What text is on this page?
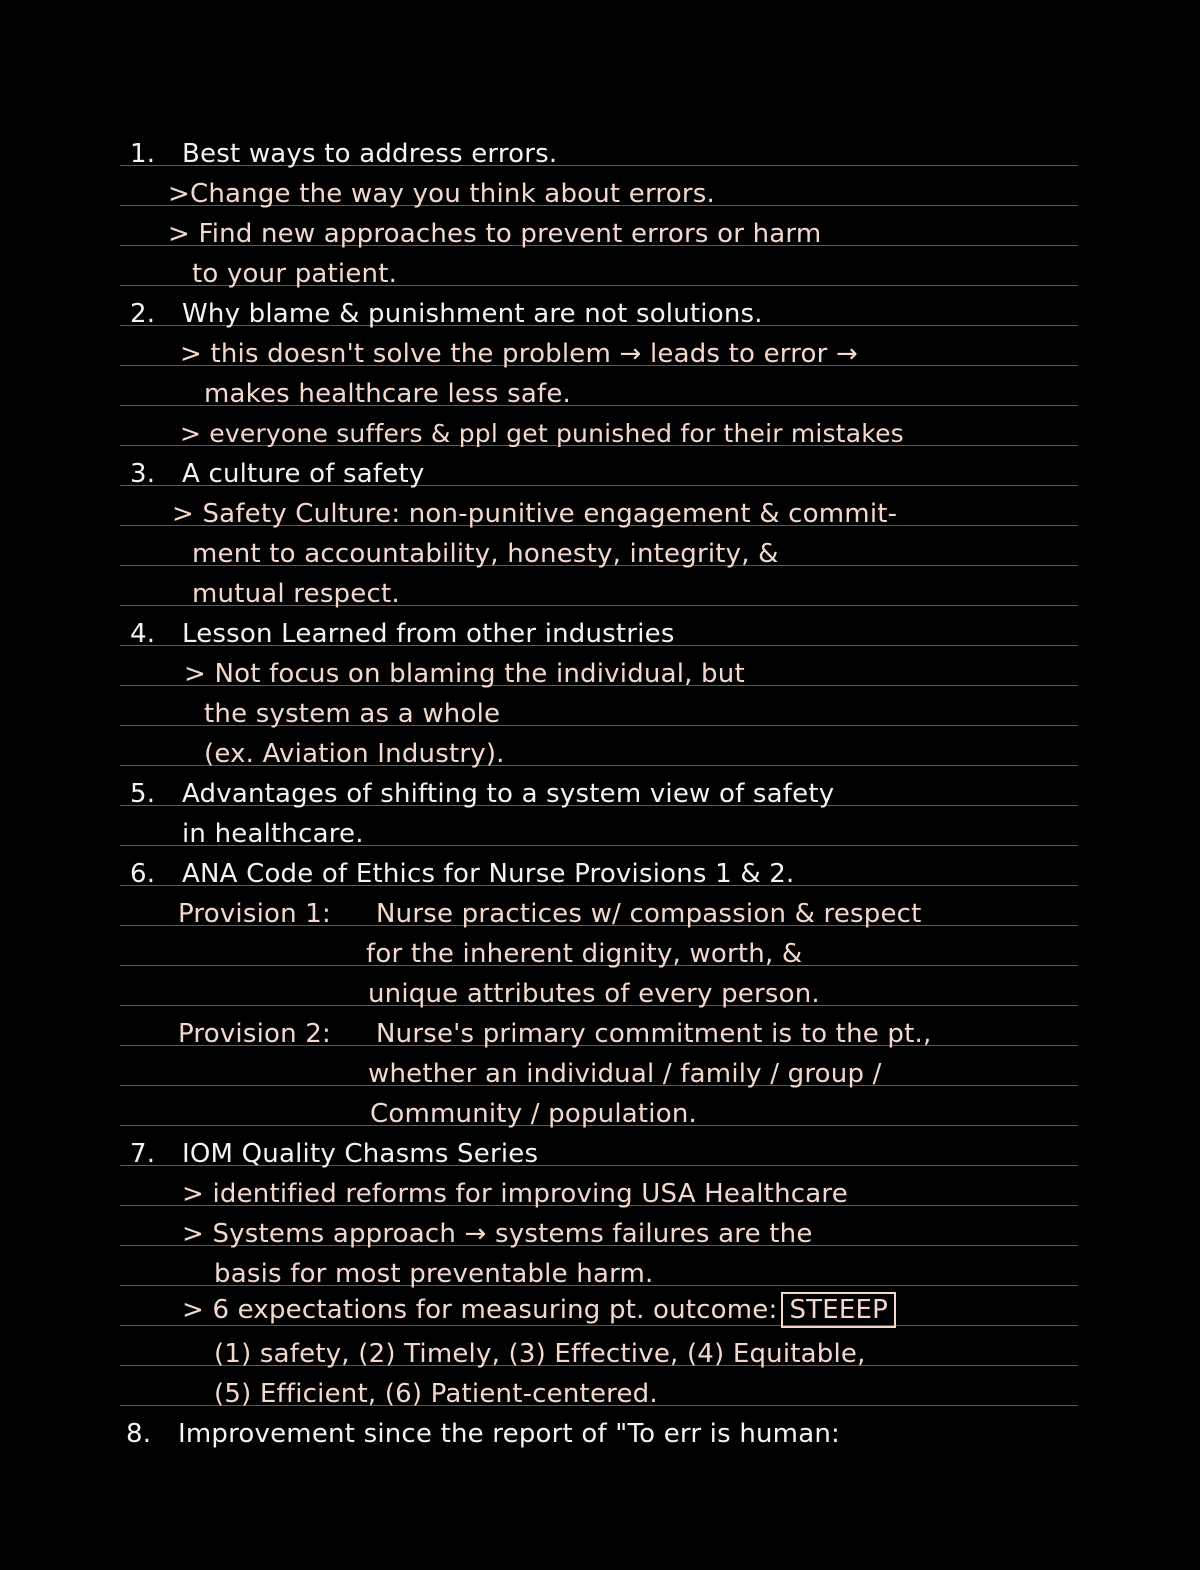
1. Best ways to address errors.
>Change the way you think about errors.
> Find new approaches to prevent errors or harm
to your patient.
2. Why blame & punishment are not solutions.
> this doesn't solve the problem → leads to error →
makes healthcare less safe.
> everyone suffers & ppl get punished for their mistakes
3. A culture of safety
> Safety Culture: non-punitive engagement & commit-
ment to accountability, honesty, integrity, &
mutual respect.
4. Lesson Learned from other industries
> Not focus on blaming the individual, but
the system as a whole
(ex. Aviation Industry).
5. Advantages of shifting to a system view of safety
in healthcare.
6. ANA Code of Ethics for Nurse Provisions 1 & 2.
Provision 1: Nurse practices w/ compassion & respect
for the inherent dignity, worth, &
unique attributes of every person.
Provision 2: Nurse's primary commitment is to the pt.,
whether an individual / family / group /
Community / population.
7. IOM Quality Chasms Series
> identified reforms for improving USA Healthcare
> Systems approach → systems failures are the
basis for most preventable harm.
> 6 expectations for measuring pt. outcome: STEEEP
(1) safety, (2) Timely, (3) Effective, (4) Equitable,
(5) Efficient, (6) Patient-centered.
8. Improvement since the report of "To err is human:
